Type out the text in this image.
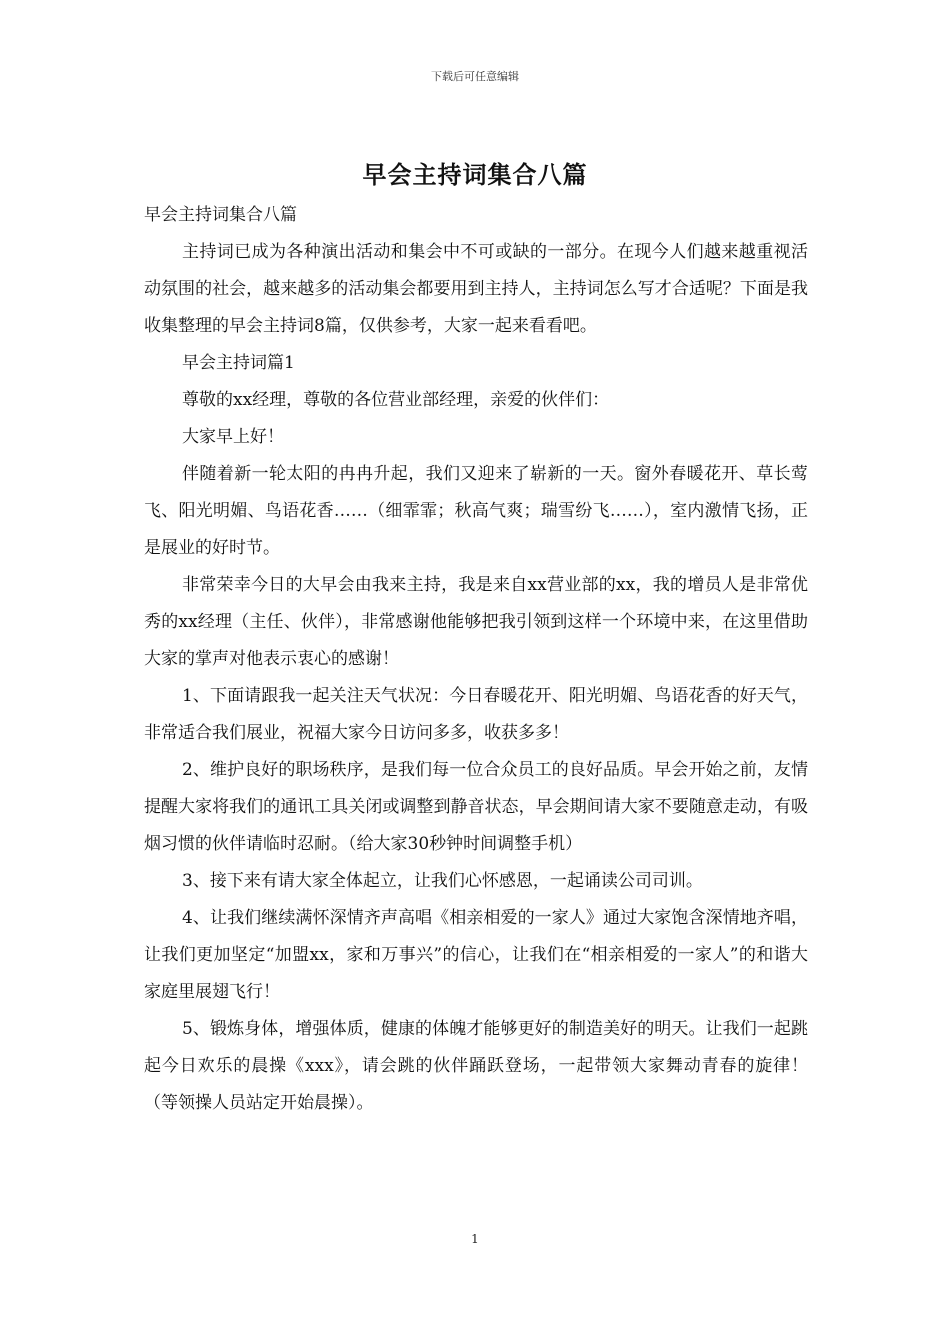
下载后可任意编辑
早会主持词集合八篇

早会主持词集合八篇

主持词已成为各种演出活动和集会中不可或缺的一部分。在现今人们越来越重视活动氛围的社会，越来越多的活动集会都要用到主持人，主持词怎么写才合适呢？下面是我收集整理的早会主持词8篇，仅供参考，大家一起来看看吧。

早会主持词篇1

尊敬的xx经理，尊敬的各位营业部经理，亲爱的伙伴们：

大家早上好！

伴随着新一轮太阳的冉冉升起，我们又迎来了崭新的一天。窗外春暖花开、草长莺飞、阳光明媚、鸟语花香……（细霏霏；秋高气爽；瑞雪纷飞……），室内激情飞扬，正是展业的好时节。

非常荣幸今日的大早会由我来主持，我是来自xx营业部的xx，我的增员人是非常优秀的xx经理（主任、伙伴），非常感谢他能够把我引领到这样一个环境中来，在这里借助大家的掌声对他表示衷心的感谢！

1、下面请跟我一起关注天气状况：今日春暖花开、阳光明媚、鸟语花香的好天气，非常适合我们展业，祝福大家今日访问多多，收获多多！

2、维护良好的职场秩序，是我们每一位合众员工的良好品质。早会开始之前，友情提醒大家将我们的通讯工具关闭或调整到静音状态，早会期间请大家不要随意走动，有吸烟习惯的伙伴请临时忍耐。（给大家30秒钟时间调整手机）

3、接下来有请大家全体起立，让我们心怀感恩，一起诵读公司司训。

4、让我们继续满怀深情齐声高唱《相亲相爱的一家人》通过大家饱含深情地齐唱，让我们更加坚定“加盟xx，家和万事兴”的信心，让我们在“相亲相爱的一家人”的和谐大家庭里展翅飞行！

5、锻炼身体，增强体质，健康的体魄才能够更好的制造美好的明天。让我们一起跳起今日欢乐的晨操《xxx》，请会跳的伙伴踊跃登场，一起带领大家舞动青春的旋律！（等领操人员站定开始晨操）。

1
